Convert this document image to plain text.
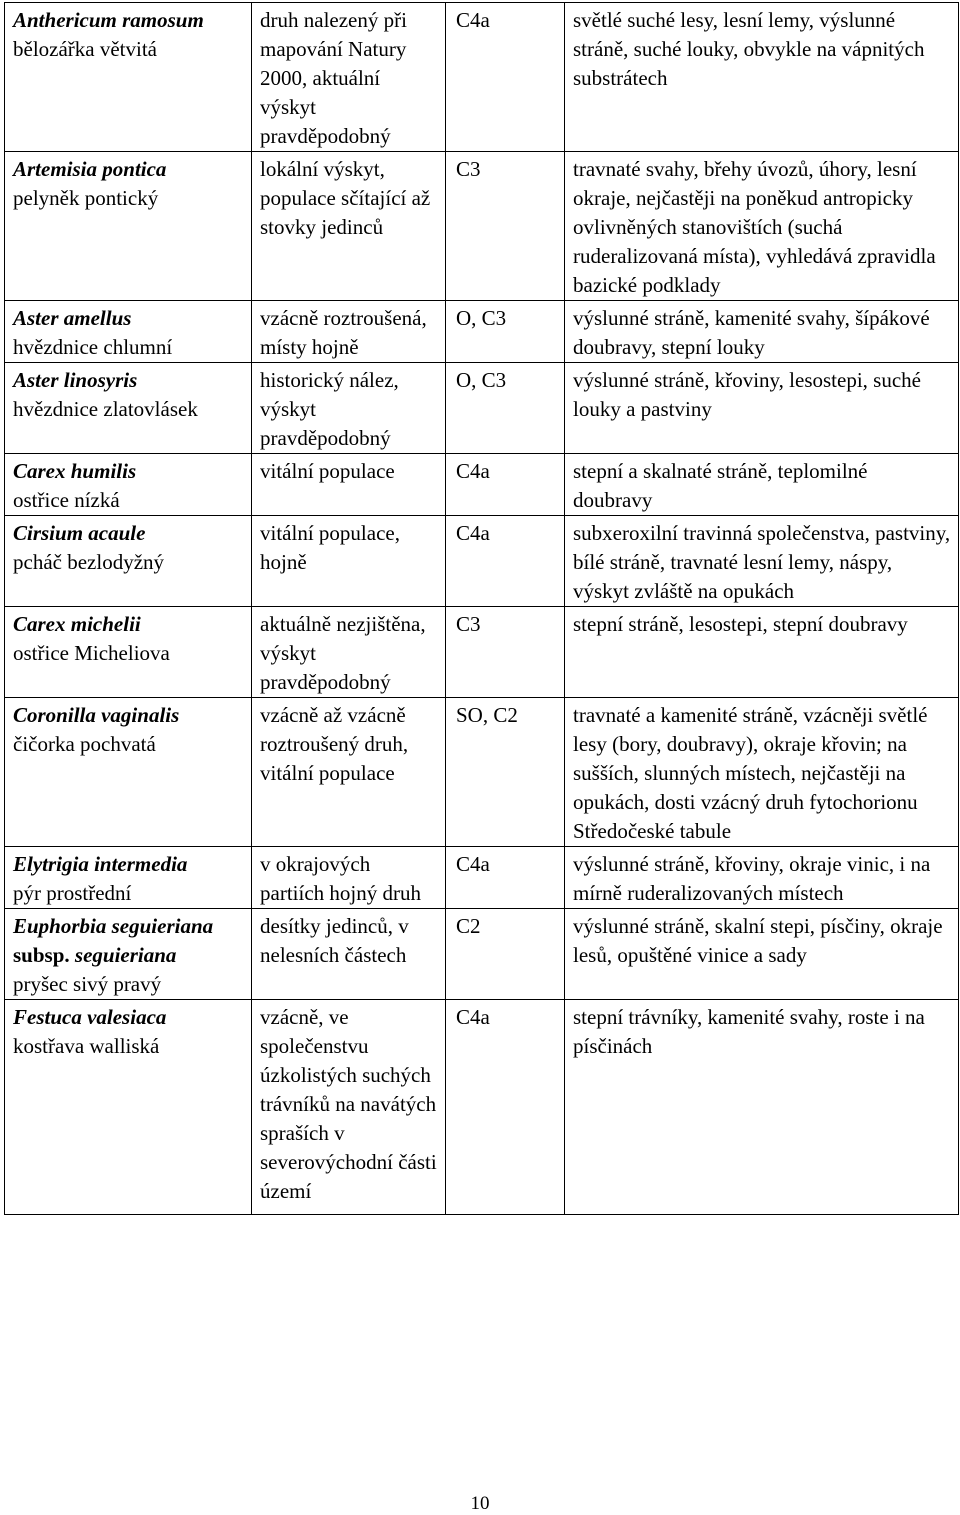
Anthericum ramosum
bělozářka větvitá	druh nalezený při mapování Natury 2000, aktuální výskyt pravděpodobný	C4a	světlé suché lesy, lesní lemy, výslunné stráně, suché louky, obvykle na vápnitých substrátech

Artemisia pontica
pelyněk pontický	lokální výskyt, populace sčítající až stovky jedinců	C3	travnaté svahy, břehy úvozů, úhory, lesní okraje, nejčastěji na poněkud antropicky ovlivněných stanovištích (suchá ruderalizovaná místa), vyhledává zpravidla bazické podklady

Aster amellus
hvězdnice chlumní	vzácně roztroušená, místy hojně	O, C3	výslunné stráně, kamenité svahy, šípákové doubravy, stepní louky

Aster linosyris
hvězdnice zlatovlásek	historický nález, výskyt pravděpodobný	O, C3	výslunné stráně, křoviny, lesostepi, suché louky a pastviny

Carex humilis
ostřice nízká	vitální populace	C4a	stepní a skalnaté stráně, teplomilné doubravy

Cirsium acaule
pcháč bezlodyžný	vitální populace, hojně	C4a	subxeroxilní travinná společenstva, pastviny, bílé stráně, travnaté lesní lemy, náspy, výskyt zvláště na opukách

Carex michelii
ostřice Micheliova	aktuálně nezjištěna, výskyt pravděpodobný	C3	stepní stráně, lesostepi, stepní doubravy

Coronilla vaginalis
čičorka pochvatá	vzácně až vzácně roztroušený druh, vitální populace	SO, C2	travnaté a kamenité stráně, vzácněji světlé lesy (bory, doubravy), okraje křovin; na sušších, slunných místech, nejčastěji na opukách, dosti vzácný druh fytochorionu Středočeské tabule

Elytrigia intermedia
pýr prostřední	v okrajových partiích hojný druh	C4a	výslunné stráně, křoviny, okraje vinic, i na mírně ruderalizovaných místech

Euphorbia seguieriana subsp. seguieriana
pryšec sivý pravý	desítky jedinců, v nelesních částech	C2	výslunné stráně, skalní stepi, písčiny, okraje lesů, opuštěné vinice a sady

Festuca valesiaca
kostřava walliská	vzácně, ve společenstvu úzkolistých suchých trávníků na navátých spraších v severovýchodní části území	C4a	stepní trávníky, kamenité svahy, roste i na písčinách
10
